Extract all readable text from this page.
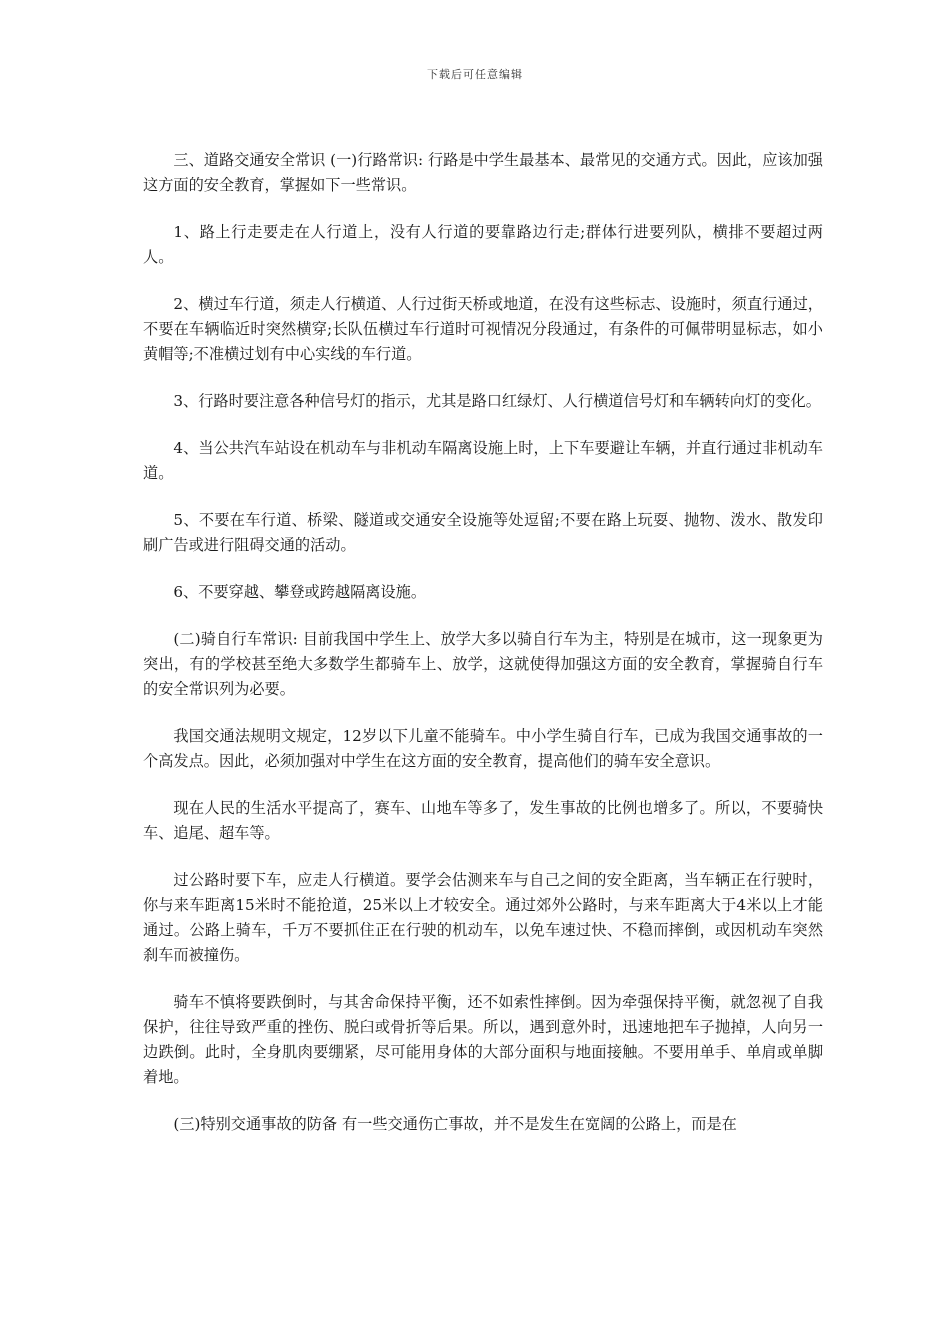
下载后可任意编辑

三、道路交通安全常识 (一)行路常识: 行路是中学生最基本、最常见的交通方式。因此，应该加强这方面的安全教育，掌握如下一些常识。

1、路上行走要走在人行道上，没有人行道的要靠路边行走;群体行进要列队，横排不要超过两人。

2、横过车行道，须走人行横道、人行过街天桥或地道，在没有这些标志、设施时，须直行通过，不要在车辆临近时突然横穿;长队伍横过车行道时可视情况分段通过，有条件的可佩带明显标志，如小黄帽等;不准横过划有中心实线的车行道。

3、行路时要注意各种信号灯的指示，尤其是路口红绿灯、人行横道信号灯和车辆转向灯的变化。

4、当公共汽车站设在机动车与非机动车隔离设施上时，上下车要避让车辆，并直行通过非机动车道。

5、不要在车行道、桥梁、隧道或交通安全设施等处逗留;不要在路上玩耍、抛物、泼水、散发印刷广告或进行阻碍交通的活动。

6、不要穿越、攀登或跨越隔离设施。

(二)骑自行车常识: 目前我国中学生上、放学大多以骑自行车为主，特别是在城市，这一现象更为突出，有的学校甚至绝大多数学生都骑车上、放学，这就使得加强这方面的安全教育，掌握骑自行车的安全常识列为必要。

我国交通法规明文规定，12岁以下儿童不能骑车。中小学生骑自行车，已成为我国交通事故的一个高发点。因此，必须加强对中学生在这方面的安全教育，提高他们的骑车安全意识。

现在人民的生活水平提高了，赛车、山地车等多了，发生事故的比例也增多了。所以，不要骑快车、追尾、超车等。

过公路时要下车，应走人行横道。要学会估测来车与自己之间的安全距离，当车辆正在行驶时，你与来车距离15米时不能抢道，25米以上才较安全。通过郊外公路时，与来车距离大于4米以上才能通过。公路上骑车，千万不要抓住正在行驶的机动车，以免车速过快、不稳而摔倒，或因机动车突然刹车而被撞伤。

骑车不慎将要跌倒时，与其舍命保持平衡，还不如索性摔倒。因为牵强保持平衡，就忽视了自我保护，往往导致严重的挫伤、脱臼或骨折等后果。所以，遇到意外时，迅速地把车子抛掉，人向另一边跌倒。此时，全身肌肉要绷紧，尽可能用身体的大部分面积与地面接触。不要用单手、单肩或单脚着地。

(三)特别交通事故的防备 有一些交通伤亡事故，并不是发生在宽阔的公路上，而是在
